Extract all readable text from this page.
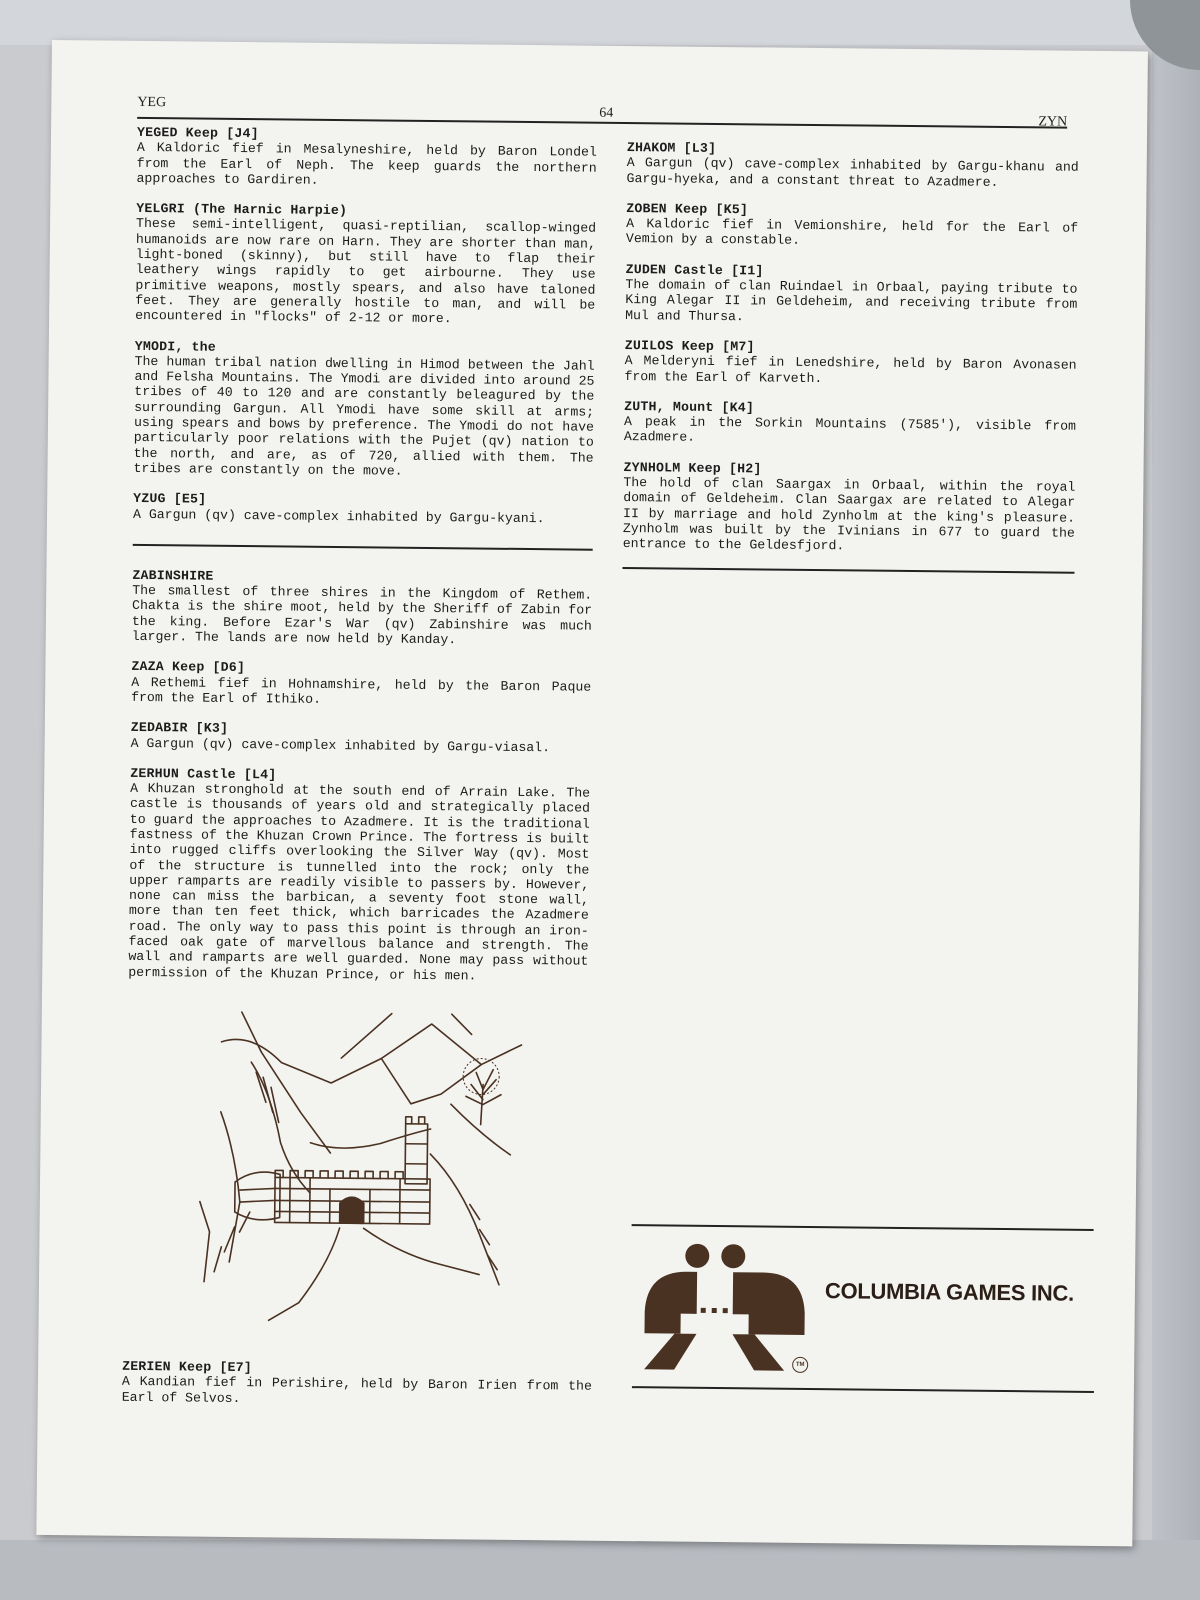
YEG
64
ZYN
YEGED Keep [J4]
A Kaldoric fief in Mesalyneshire, held by Baron Londel from the Earl of Neph. The keep guards the northern approaches to Gardiren.
YELGRI (The Harnic Harpie)
These semi-intelligent, quasi-reptilian, scallop-winged humanoids are now rare on Harn. They are shorter than man, light-boned (skinny), but still have to flap their leathery wings rapidly to get airbourne. They use primitive weapons, mostly spears, and also have taloned feet. They are generally hostile to man, and will be encountered in "flocks" of 2-12 or more.
YMODI, the
The human tribal nation dwelling in Himod between the Jahl and Felsha Mountains. The Ymodi are divided into around 25 tribes of 40 to 120 and are constantly beleagured by the surrounding Gargun. All Ymodi have some skill at arms; using spears and bows by preference. The Ymodi do not have particularly poor relations with the Pujet (qv) nation to the north, and are, as of 720, allied with them. The tribes are constantly on the move.
YZUG [E5]
A Gargun (qv) cave-complex inhabited by Gargu-kyani.
ZABINSHIRE
The smallest of three shires in the Kingdom of Rethem. Chakta is the shire moot, held by the Sheriff of Zabin for the king. Before Ezar's War (qv) Zabinshire was much larger. The lands are now held by Kanday.
ZAZA Keep [D6]
A Rethemi fief in Hohnamshire, held by the Baron Paque from the Earl of Ithiko.
ZEDABIR [K3]
A Gargun (qv) cave-complex inhabited by Gargu-viasal.
ZERHUN Castle [L4]
A Khuzan stronghold at the south end of Arrain Lake. The castle is thousands of years old and strategically placed to guard the approaches to Azadmere. It is the traditional fastness of the Khuzan Crown Prince. The fortress is built into rugged cliffs overlooking the Silver Way (qv). Most of the structure is tunnelled into the rock; only the upper ramparts are readily visible to passers by. However, none can miss the barbican, a seventy foot stone wall, more than ten feet thick, which barricades the Azadmere road. The only way to pass this point is through an iron-faced oak gate of marvellous balance and strength. The wall and ramparts are well guarded. None may pass without permission of the Khuzan Prince, or his men.
ZERIEN Keep [E7]
A Kandian fief in Perishire, held by Baron Irien from the Earl of Selvos.
ZHAKOM [L3]
A Gargun (qv) cave-complex inhabited by Gargu-khanu and Gargu-hyeka, and a constant threat to Azadmere.
ZOBEN Keep [K5]
A Kaldoric fief in Vemionshire, held for the Earl of Vemion by a constable.
ZUDEN Castle [I1]
The domain of clan Ruindael in Orbaal, paying tribute to King Alegar II in Geldeheim, and receiving tribute from Mul and Thursa.
ZUILOS Keep [M7]
A Melderyni fief in Lenedshire, held by Baron Avonasen from the Earl of Karveth.
ZUTH, Mount [K4]
A peak in the Sorkin Mountains (7585'), visible from Azadmere.
ZYNHOLM Keep [H2]
The hold of clan Saargax in Orbaal, within the royal domain of Geldeheim. Clan Saargax are related to Alegar II by marriage and hold Zynholm at the king's pleasure. Zynholm was built by the Ivinians in 677 to guard the entrance to the Geldesfjord.
COLUMBIA GAMES INC.
TM
